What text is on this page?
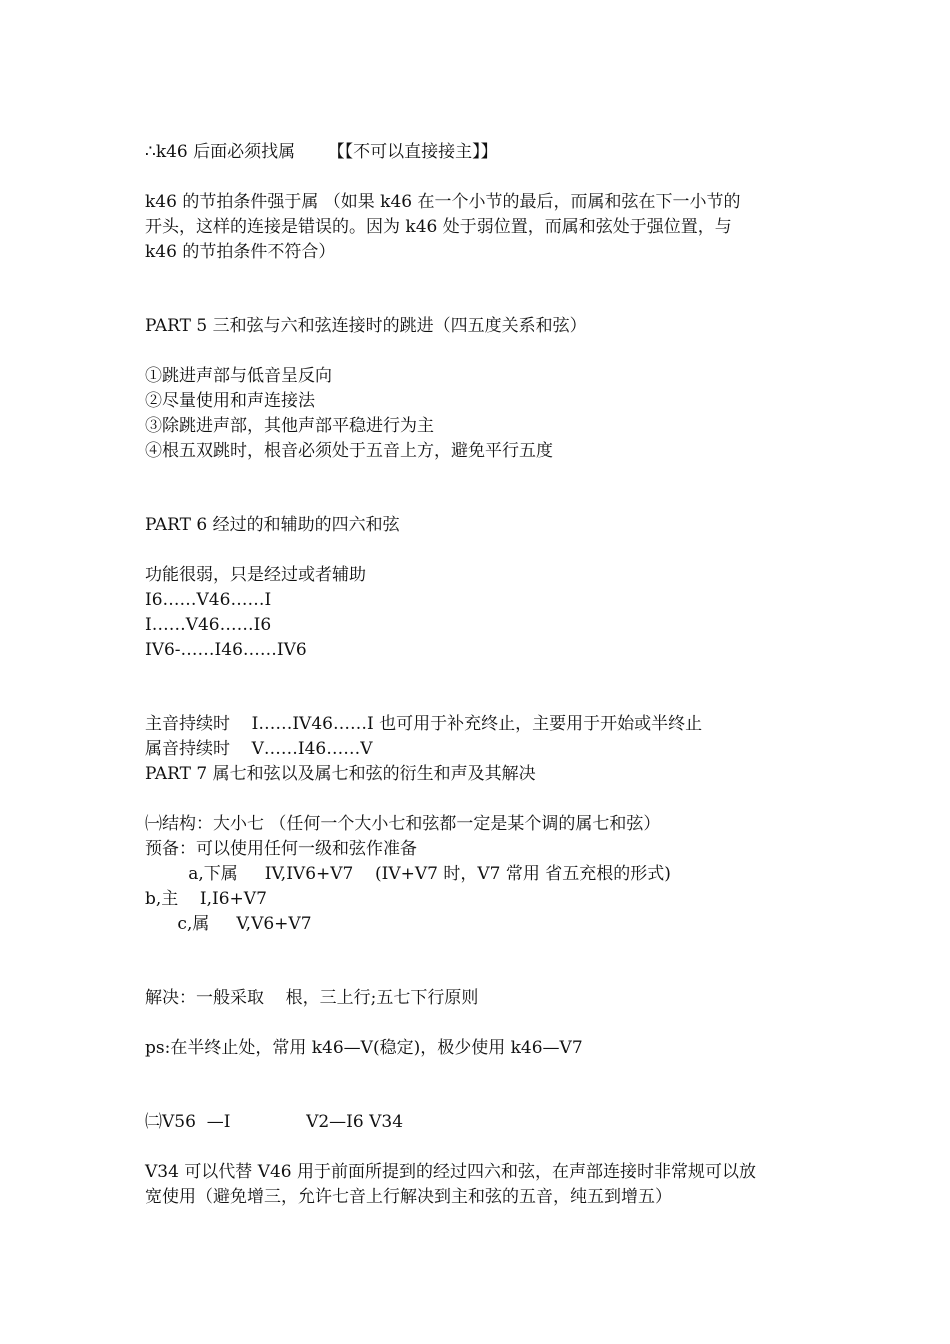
∴k46 后面必须找属      【【不可以直接接主】】
k46 的节拍条件强于属 （如果 k46 在一个小节的最后，而属和弦在下一小节的
开头，这样的连接是错误的。因为 k46 处于弱位置，而属和弦处于强位置，与
k46 的节拍条件不符合）
PART 5 三和弦与六和弦连接时的跳进（四五度关系和弦）
①跳进声部与低音呈反向
②尽量使用和声连接法
③除跳进声部，其他声部平稳进行为主
④根五双跳时，根音必须处于五音上方，避免平行五度
PART 6 经过的和辅助的四六和弦
功能很弱，只是经过或者辅助
I6……V46……I
I……V46……I6
IV6-……I46……IV6
主音持续时    I……IV46……I 也可用于补充终止，主要用于开始或半终止
属音持续时    V……I46……V
PART 7 属七和弦以及属七和弦的衍生和声及其解决
㈠结构：大小七 （任何一个大小七和弦都一定是某个调的属七和弦）
预备：可以使用任何一级和弦作准备
a,下属     IV,IV6+V7    (IV+V7 时，V7 常用 省五充根的形式)
b,主    I,I6+V7
c,属     V,V6+V7
解决：一般采取    根，三上行;五七下行原则
ps:在半终止处，常用 k46—V(稳定)，极少使用 k46—V7
㈡V56  —I              V2—I6 V34
V34 可以代替 V46 用于前面所提到的经过四六和弦，在声部连接时非常规可以放
宽使用（避免增三，允许七音上行解决到主和弦的五音，纯五到增五）
